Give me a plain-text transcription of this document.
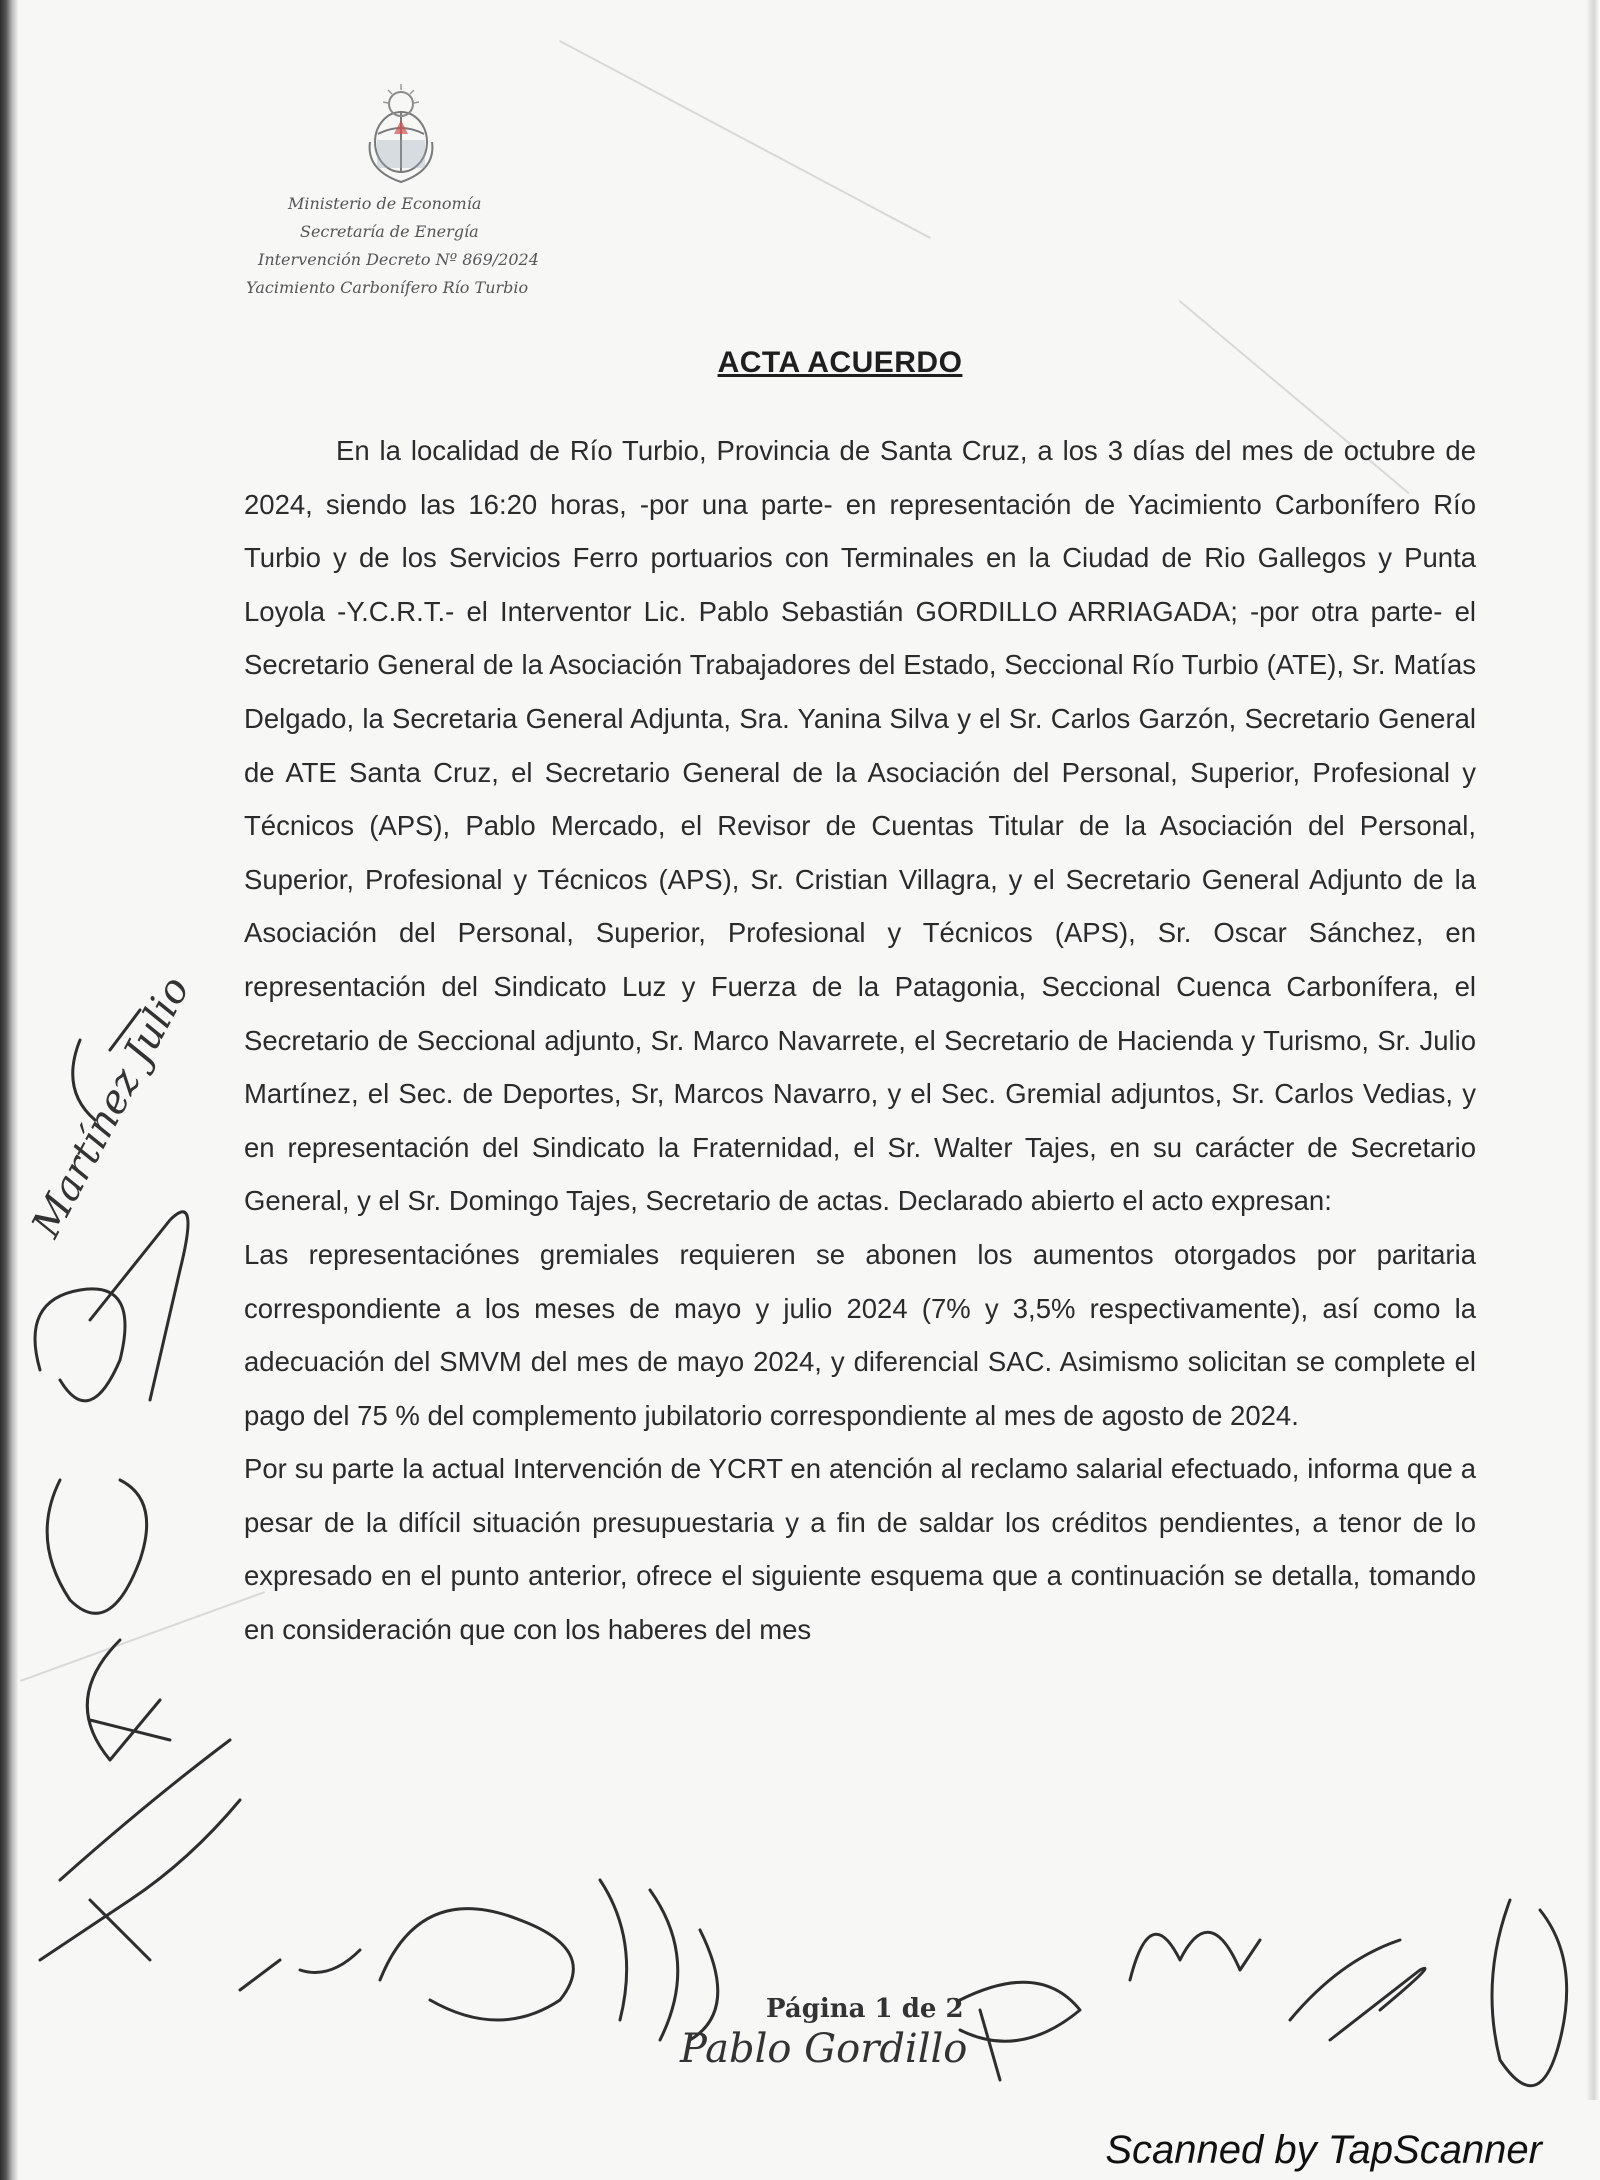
Ministerio de Economía
Secretaría de Energía
Intervención Decreto Nº 869/2024
Yacimiento Carbonífero Río Turbio
ACTA ACUERDO

En la localidad de Río Turbio, Provincia de Santa Cruz, a los 3 días del mes de octubre de 2024, siendo las 16:20 horas, -por una parte- en representación de Yacimiento Carbonífero Río Turbio y de los Servicios Ferro portuarios con Terminales en la Ciudad de Rio Gallegos y Punta Loyola -Y.C.R.T.- el Interventor Lic. Pablo Sebastián GORDILLO ARRIAGADA; -por otra parte- el Secretario General de la Asociación Trabajadores del Estado, Seccional Río Turbio (ATE), Sr. Matías Delgado, la Secretaria General Adjunta, Sra. Yanina Silva y el Sr. Carlos Garzón, Secretario General de ATE Santa Cruz, el Secretario General de la Asociación del Personal, Superior, Profesional y Técnicos (APS), Pablo Mercado, el Revisor de Cuentas Titular de la Asociación del Personal, Superior, Profesional y Técnicos (APS), Sr. Cristian Villagra, y el Secretario General Adjunto de la Asociación del Personal, Superior, Profesional y Técnicos (APS), Sr. Oscar Sánchez, en representación del Sindicato Luz y Fuerza de la Patagonia, Seccional Cuenca Carbonífera, el Secretario de Seccional adjunto, Sr. Marco Navarrete, el Secretario de Hacienda y Turismo, Sr. Julio Martínez, el Sec. de Deportes, Sr, Marcos Navarro, y el Sec. Gremial adjuntos, Sr. Carlos Vedias, y en representación del Sindicato la Fraternidad, el Sr. Walter Tajes, en su carácter de Secretario General, y el Sr. Domingo Tajes, Secretario de actas. Declarado abierto el acto expresan:

Las representaciónes gremiales requieren se abonen los aumentos otorgados por paritaria correspondiente a los meses de mayo y julio 2024 (7% y 3,5% respectivamente), así como la adecuación del SMVM del mes de mayo 2024, y diferencial SAC. Asimismo solicitan se complete el pago del 75 % del complemento jubilatorio correspondiente al mes de agosto de 2024.

Por su parte la actual Intervención de YCRT en atención al reclamo salarial efectuado, informa que a pesar de la difícil situación presupuestaria y a fin de saldar los créditos pendientes, a tenor de lo expresado en el punto anterior, ofrece el siguiente esquema que a continuación se detalla, tomando en consideración que con los haberes del mes

Martínez Julio
Pablo Gordillo
Página 1 de 2
Scanned by TapScanner
